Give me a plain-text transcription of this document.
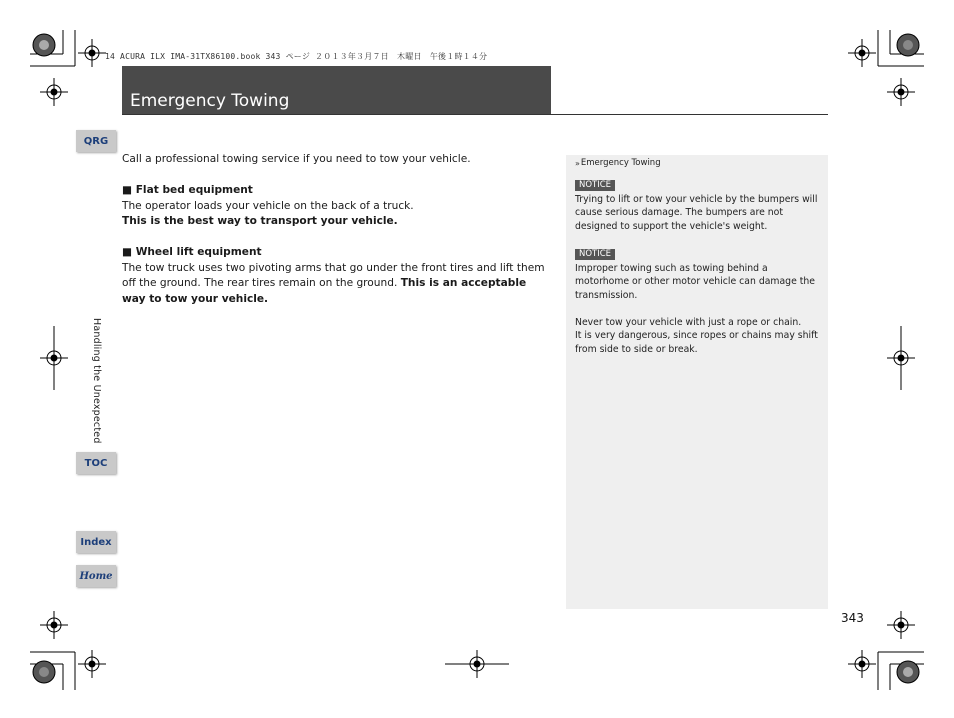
14 ACURA ILX IMA-31TX86100.book 343 ページ ２０１３年３月７日　木曜日　午後１時１４分
Emergency Towing
QRG
Handling the Unexpected
TOC
Index
Home

Call a professional towing service if you need to tow your vehicle.

■ Flat bed equipment

The operator loads your vehicle on the back of a truck.

This is the best way to transport your vehicle.

■ Wheel lift equipment

The tow truck uses two pivoting arms that go under the front tires and lift them off the ground. The rear tires remain on the ground. This is an acceptable way to tow your vehicle.

» Emergency Towing
NOTICE

Trying to lift or tow your vehicle by the bumpers will cause serious damage. The bumpers are not designed to support the vehicle's weight.

NOTICE

Improper towing such as towing behind a motorhome or other motor vehicle can damage the transmission.

Never tow your vehicle with just a rope or chain.

It is very dangerous, since ropes or chains may shift from side to side or break.

343
